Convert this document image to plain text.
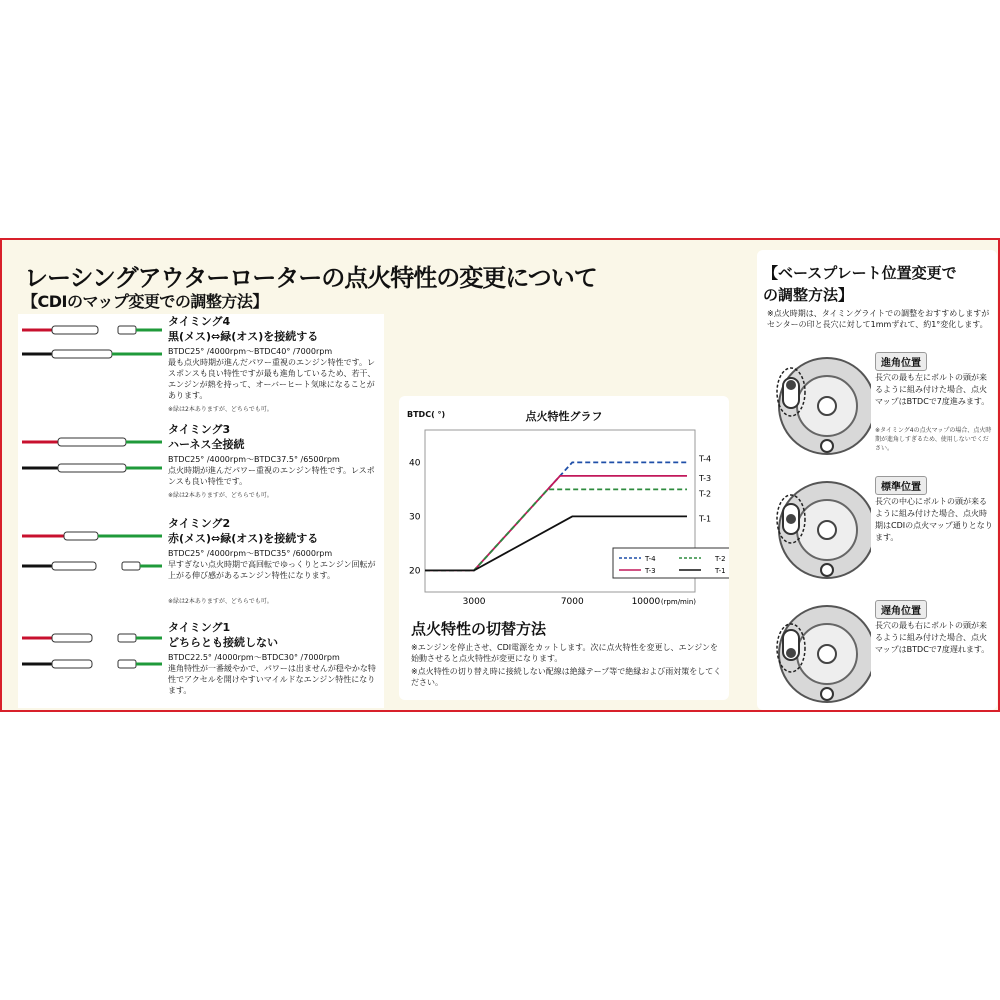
レーシングアウターローターの点火特性の変更について
【CDIのマップ変更での調整方法】
タイミング4
黒(メス)⇔緑(オス)を接続する
BTDC25° /4000rpm～BTDC40° /7000rpm
最も点火時期が進んだパワー重視のエンジン特性です。レスポンスも良い特性ですが最も進角しているため、若干、エンジンが熱を持って、オーバーヒート気味になることがあります。
※緑は2本ありますが、どちらでも可。
タイミング3
ハーネス全接続
BTDC25° /4000rpm～BTDC37.5° /6500rpm
点火時期が進んだパワー重視のエンジン特性です。レスポンスも良い特性です。
※緑は2本ありますが、どちらでも可。
タイミング2
赤(メス)⇔緑(オス)を接続する
BTDC25° /4000rpm～BTDC35° /6000rpm
早すぎない点火時期で高回転でゆっくりとエンジン回転が上がる伸び感があるエンジン特性になります。
※緑は2本ありますが、どちらでも可。
タイミング1
どちらとも接続しない
BTDC22.5° /4000rpm～BTDC30° /7000rpm
進角特性が一番緩やかで、パワーは出ませんが穏やかな特性でアクセルを開けやすいマイルドなエンジン特性になります。
20
30
40
3000	7000	10000 (rpm/min)
T-4
T-3
T-2
T-1
T-4	T-2
T-3	T-1
BTDC( °)	点火特性グラフ
点火特性の切替方法
※エンジンを停止させ、CDI電源をカットします。次に点火特性を変更し、エンジンを始動させると点火特性が変更になります。
※点火特性の切り替え時に接続しない配線は絶縁テープ等で絶縁および雨対策をしてください。
【ベースプレート位置変更での調整方法】
※点火時期は、タイミングライトでの調整をおすすめしますがセンターの印と長穴に対して1mmずれて、約1°変化します。
進角位置
長穴の最も左にボルトの頭が来るように組み付けた場合、点火マップはBTDCで7度進みます。
※タイミング4の点火マップの場合、点火時期が進角しすぎるため、使用しないでください。
標準位置
長穴の中心にボルトの頭が来るように組み付けた場合、点火時期はCDIの点火マップ通りとなります。
遅角位置
長穴の最も右にボルトの頭が来るように組み付けた場合、点火マップはBTDCで7度遅れます。
